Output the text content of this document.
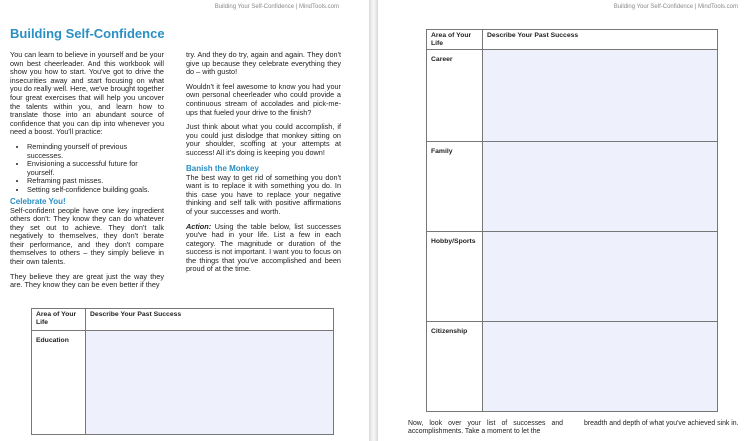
Building Your Self-Confidence | MindTools.com
Building Self-Confidence

You can learn to believe in yourself and be your own best cheerleader. And this workbook will show you how to start. You've got to drive the insecurities away and start focusing on what you do really well. Here, we've brought together four great exercises that will help you uncover the talents within you, and learn how to translate those into an abundant source of confidence that you can dip into whenever you need a boost. You'll practice:

• Reminding yourself of previous successes.
• Envisioning a successful future for yourself.
• Reframing past misses.
• Setting self-confidence building goals.
Celebrate You!

Self-confident people have one key ingredient others don't: They know they can do whatever they set out to achieve. They don't talk negatively to themselves, they don't berate their performance, and they don't compare themselves to others – they simply believe in their own talents.

They believe they are great just the way they are. They know they can be even better if they

try. And they do try, again and again. They don't give up because they celebrate everything they do – with gusto!

Wouldn't it feel awesome to know you had your own personal cheerleader who could provide a continuous stream of accolades and pick-me-ups that fueled your drive to the finish?

Just think about what you could accomplish, if you could just dislodge that monkey sitting on your shoulder, scoffing at your attempts at success! All it's doing is keeping you down!

Banish the Monkey

The best way to get rid of something you don't want is to replace it with something you do. In this case you have to replace your negative thinking and self talk with positive affirmations of your successes and worth.

Action: Using the table below, list successes you've had in your life. List a few in each category. The magnitude or duration of the success is not important. I want you to focus on the things that you've accomplished and been proud of at the time.

Area of Your Life	Describe Your Past Success
Education	
Building Your Self-Confidence | MindTools.com
Area of Your Life	Describe Your Past Success
Career	
Family	
Hobby/Sports	
Citizenship	
Now, look over your list of successes and accomplishments. Take a moment to let the
breadth and depth of what you've achieved sink in.
